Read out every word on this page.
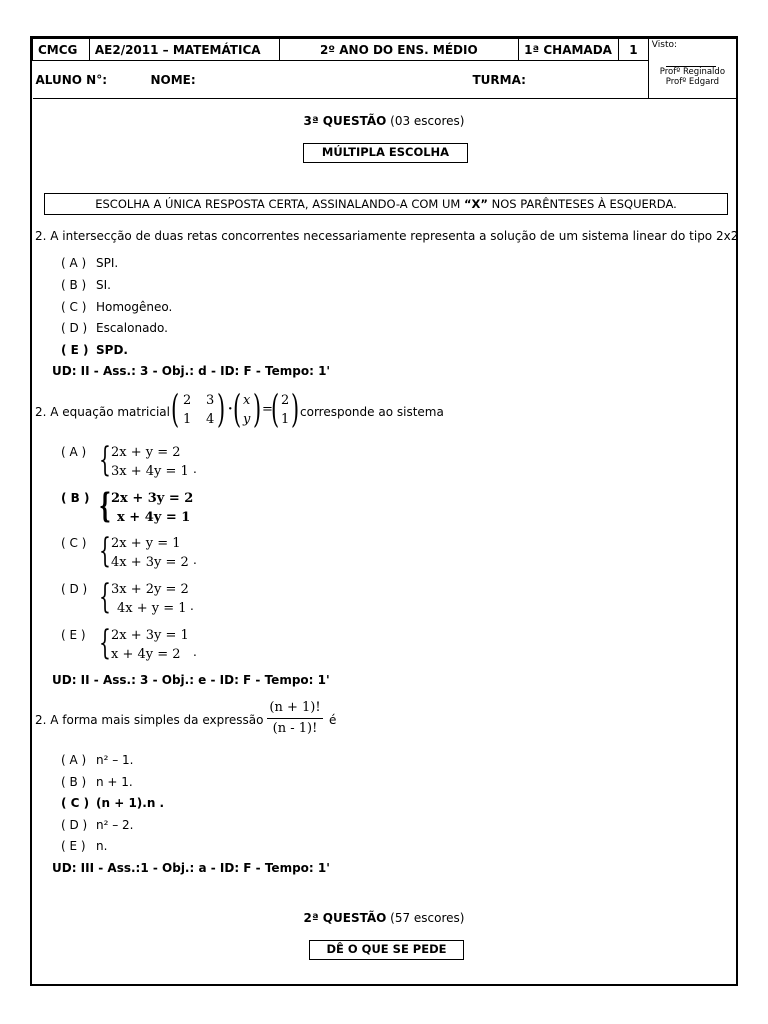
CMCG	AE2/2011 – MATEMÁTICA	2º ANO DO ENS. MÉDIO	1ª CHAMADA	1	Visto:
Profº Reginaldo
Profº Edgard

ALUNO N°:	NOME:	TURMA:
3ª QUESTÃO (03 escores)
MÚLTIPLA ESCOLHA
ESCOLHA A ÚNICA RESPOSTA CERTA, ASSINALANDO-A COM UM “X” NOS PARÊNTESES À ESQUERDA.
2. A intersecção de duas retas concorrentes necessariamente representa a solução de um sistema linear do tipo 2x2
( A ) SPI.
( B ) SI.
( C ) Homogêneo.
( D ) Escalonado.
( E ) SPD.
UD: II - Ass.: 3 - Obj.: d - ID: F - Tempo: 1'
2. A equação matricial ( 2 3
1 4 ) · ( x
y ) =
( 2
1 ) corresponde ao sistema
( A ) { 2x + y = 2
3x + 4y = 1 .
( B ) { 2x + 3y = 2
x + 4y = 1
( C ) { 2x + y = 1
4x + 3y = 2 .
( D ) { 3x + 2y = 2
4x + y = 1 .
( E ) { 2x + 3y = 1
x + 4y = 2	.
UD: II - Ass.: 3 - Obj.: e - ID: F - Tempo: 1'
2. A forma mais simples da expressão
(n + 1)!
(n - 1)!
é
( A ) n² – 1.
( B ) n + 1.
( C ) (n + 1).n .
( D ) n² – 2.
( E ) n.
UD: III - Ass.:1 - Obj.: a - ID: F - Tempo: 1'
2ª QUESTÃO (57 escores)
DÊ O QUE SE PEDE
